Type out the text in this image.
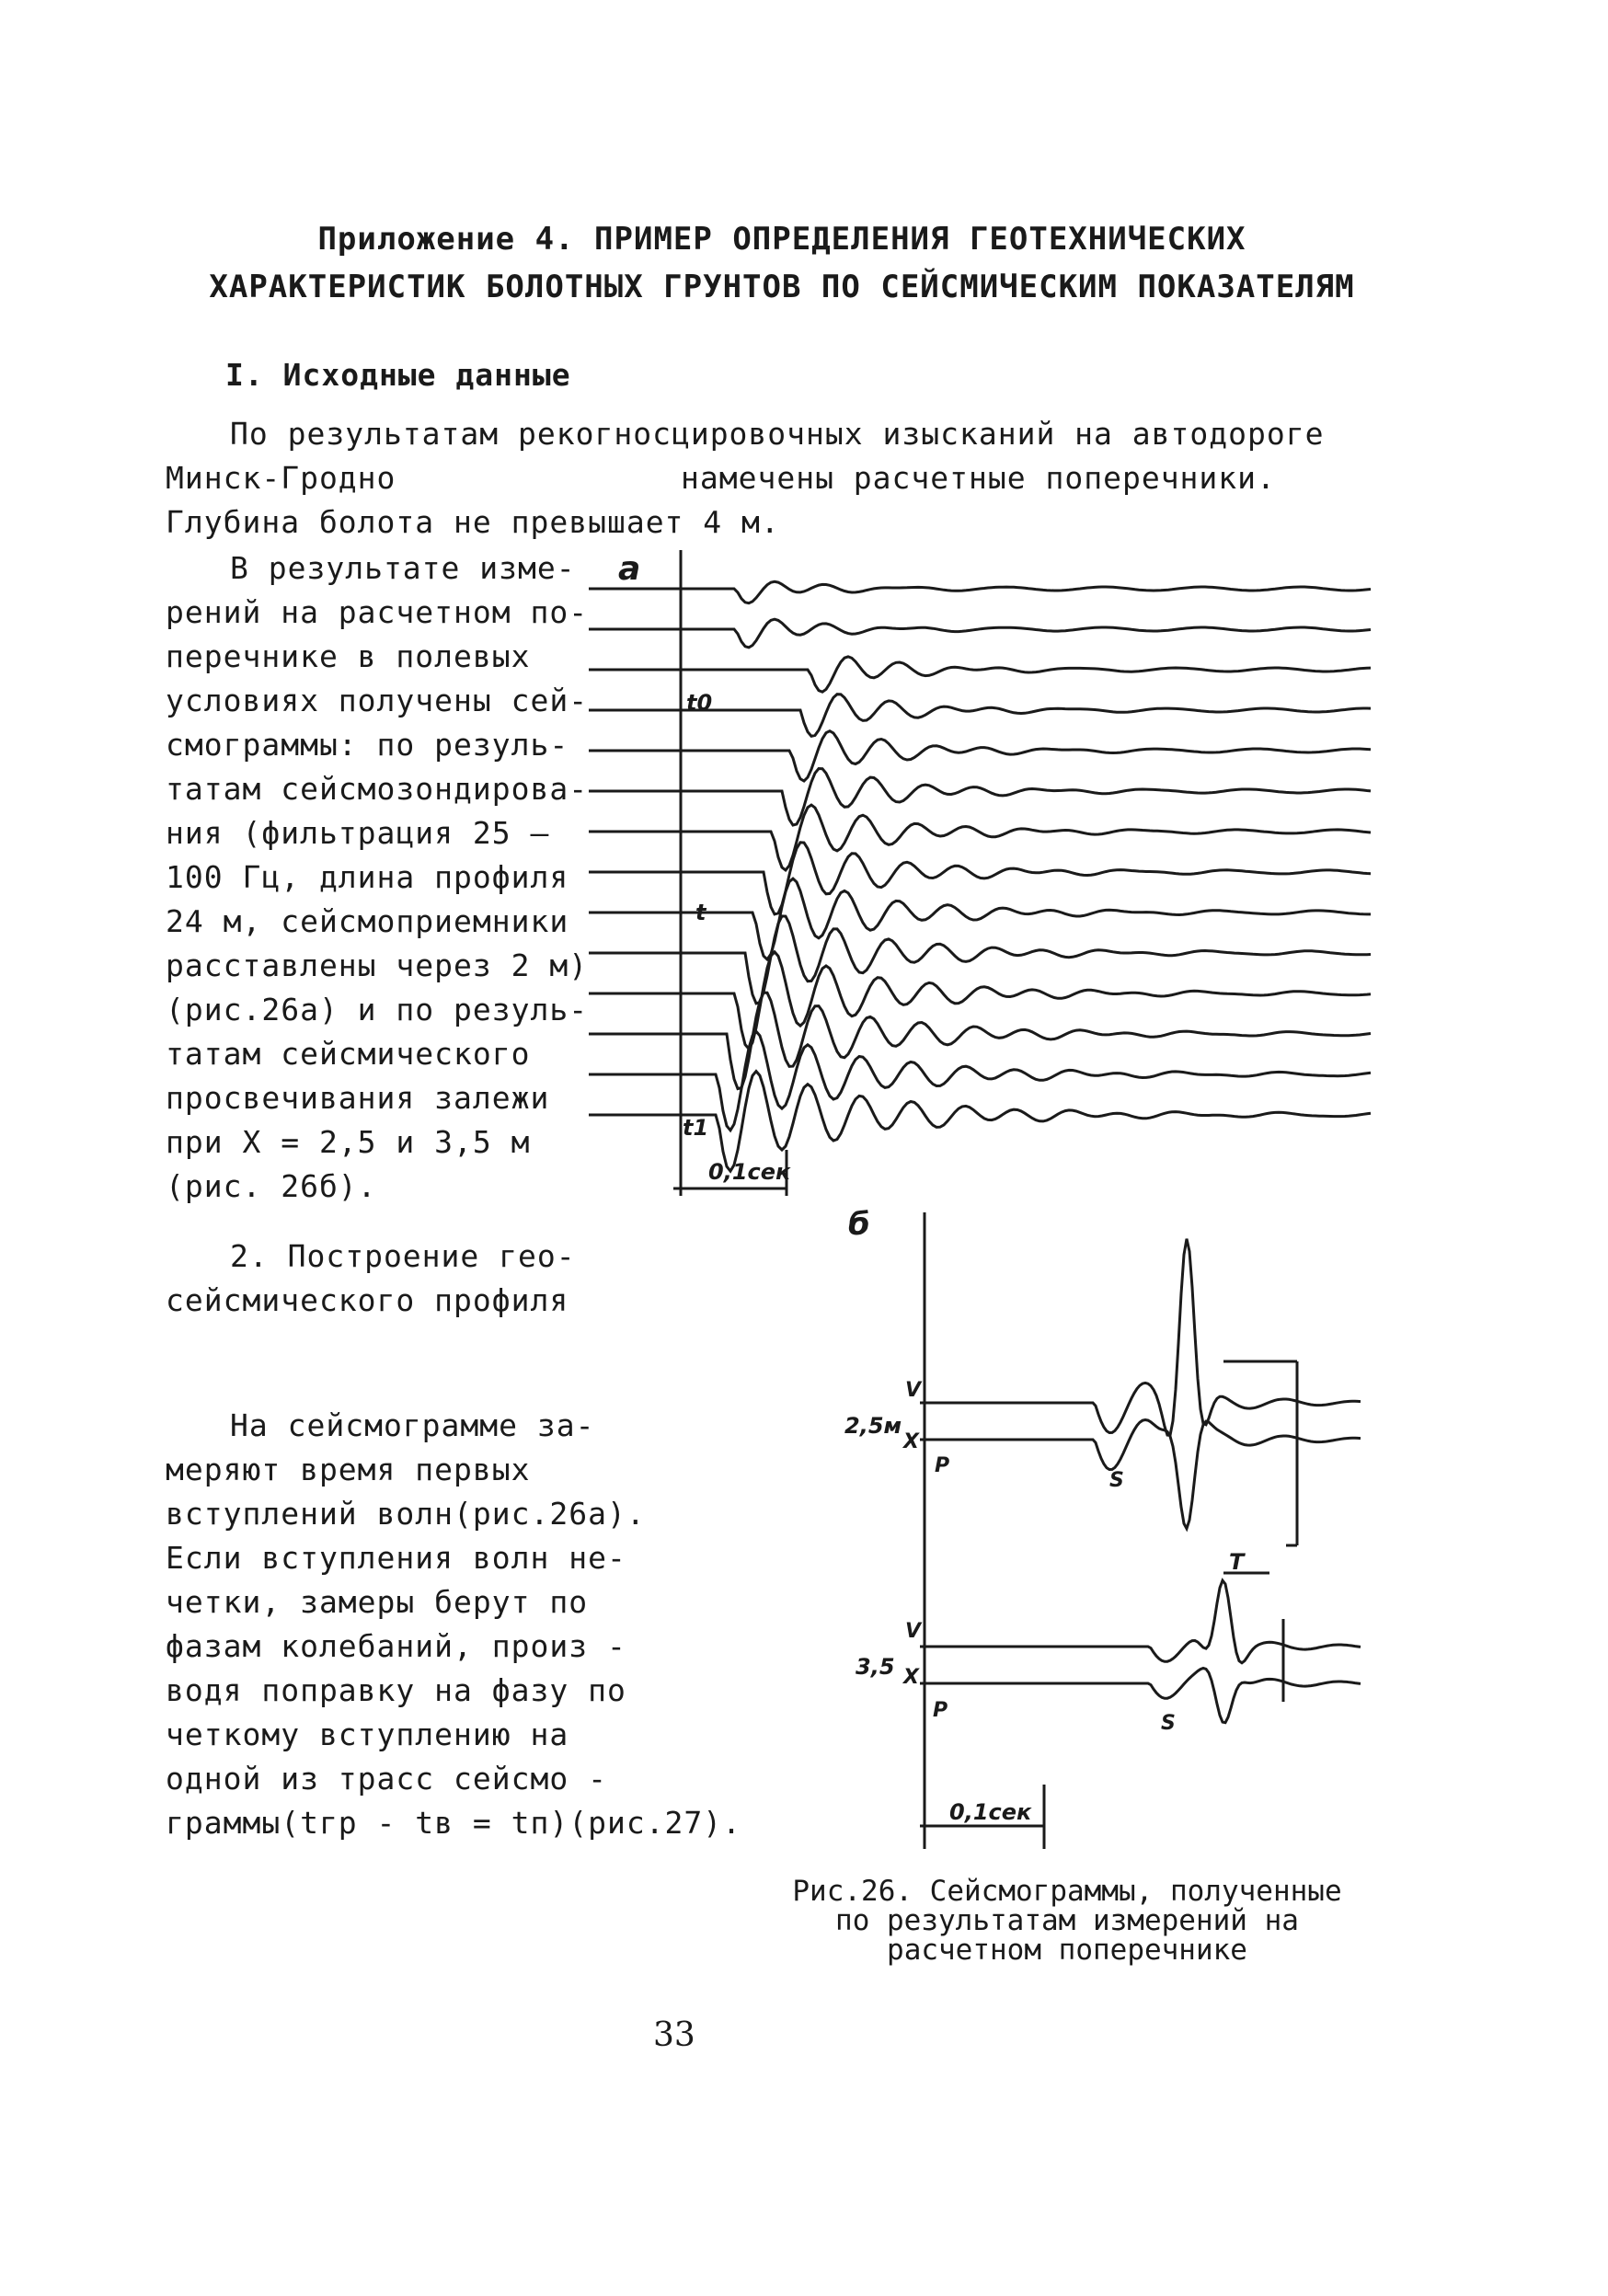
Приложение 4. ПРИМЕР ОПРЕДЕЛЕНИЯ ГЕОТЕХНИЧЕСКИХ
ХАРАКТЕРИСТИК БОЛОТНЫХ ГРУНТОВ ПО СЕЙСМИЧЕСКИМ ПОКАЗАТЕЛЯМ
I. Исходные данные
По результатам рекогносцировочных изысканий на автодороге
Минск-Гродно	намечены расчетные поперечники.
Глубина болота не превышает 4 м.
В результате изме-
рений на расчетном по-
перечнике в полевых
условиях получены сей-
смограммы: по резуль-
татам сейсмозондирова-
ния (фильтрация 25 —
100 Гц, длина профиля
24 м, сейсмоприемники
расставлены через 2 м)
(рис.26а) и по резуль-
татам сейсмического
просвечивания залежи
при X = 2,5 и 3,5 м
(рис. 26б).
2. Построение гео-
сейсмического профиля
На сейсмограмме за-
меряют время первых
вступлений волн(рис.26а).
Если вступления волн не-
четки, замеры берут по
фазам колебаний, произ -
водя поправку на фазу по
четкому вступлению на
одной из трасс сейсмо -
граммы(tгр - tв = tп)(рис.27).
а
t0
t
t1
0,1сек
б
2,5м
V
X
P
S
T
3,5
V
X
P
S
0,1сек
Рис.26. Сейсмограммы, полученные
по результатам измерений на
расчетном поперечнике
33
